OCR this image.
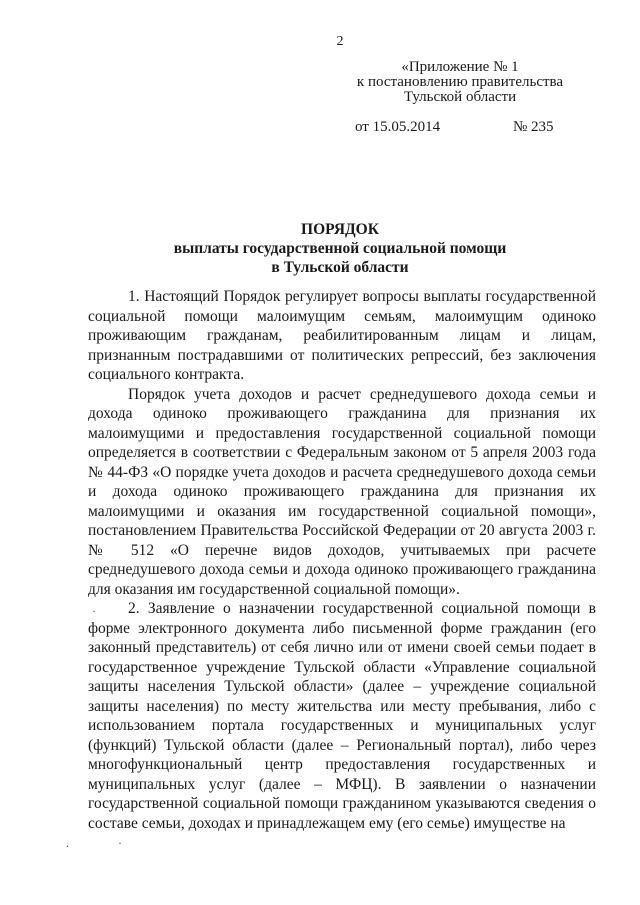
2
«Приложение № 1
к постановлению правительства
Тульской области
от 15.05.2014	№ 235
ПОРЯДОК
выплаты государственной социальной помощи
в Тульской области

1. Настоящий Порядок регулирует вопросы выплаты государственной социальной помощи малоимущим семьям, малоимущим одиноко проживающим гражданам, реабилитированным лицам и лицам, признанным пострадавшими от политических репрессий, без заключения социального контракта.

Порядок учета доходов и расчет среднедушевого дохода семьи и дохода одиноко проживающего гражданина для признания их малоимущими и предоставления государственной социальной помощи определяется в соответствии с Федеральным законом от 5 апреля 2003 года № 44-ФЗ «О порядке учета доходов и расчета среднедушевого дохода семьи и дохода одиноко проживающего гражданина для признания их малоимущими и оказания им государственной социальной помощи», постановлением Правительства Российской Федерации от 20 августа 2003 г. № 512 «О перечне видов доходов, учитываемых при расчете среднедушевого дохода семьи и дохода одиноко проживающего гражданина для оказания им государственной социальной помощи».

2. Заявление о назначении государственной социальной помощи в форме электронного документа либо письменной форме гражданин (его законный представитель) от себя лично или от имени своей семьи подает в государственное учреждение Тульской области «Управление социальной защиты населения Тульской области» (далее – учреждение социальной защиты населения) по месту жительства или месту пребывания, либо с использованием портала государственных и муниципальных услуг (функций) Тульской области (далее – Региональный портал), либо через многофункциональный центр предоставления государственных и муниципальных услуг (далее – МФЦ). В заявлении о назначении государственной социальной помощи гражданином указываются сведения о составе семьи, доходах и принадлежащем ему (его семье) имуществе на

·
.	·
